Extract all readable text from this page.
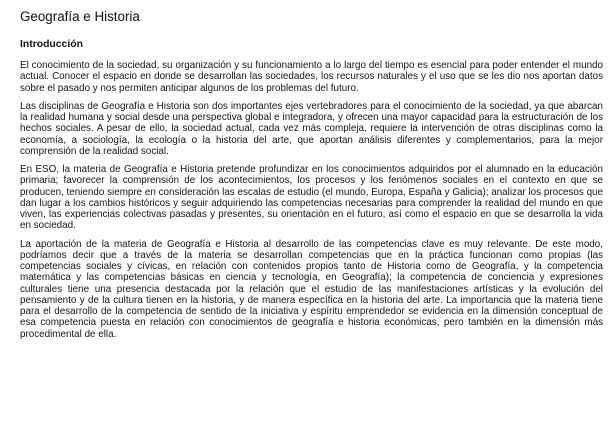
Geografía e Historia
Introducción

El conocimiento de la sociedad, su organización y su funcionamiento a lo largo del tiempo es esencial para poder entender el mundo actual. Conocer el espacio en donde se desarrollan las sociedades, los recursos naturales y el uso que se les dio nos aportan datos sobre el pasado y nos permiten anticipar algunos de los problemas del futuro.

Las disciplinas de Geografía e Historia son dos importantes ejes vertebradores para el conocimiento de la sociedad, ya que abarcan la realidad humana y social desde una perspectiva global e integradora, y ofrecen una mayor capacidad para la estructuración de los hechos sociales. A pesar de ello, la sociedad actual, cada vez más compleja, requiere la intervención de otras disciplinas como la economía, a sociología, la ecología o la historia del arte, que aportan análisis diferentes y complementarios, para la mejor comprensión de la realidad social.

En ESO, la materia de Geografía e Historia pretende profundizar en los conocimientos adquiridos por el alumnado en la educación primaria; favorecer la comprensión de los acontecimientos, los procesos y los fenómenos sociales en el contexto en que se producen, teniendo siempre en consideración las escalas de estudio (el mundo, Europa, España y Galicia); analizar los procesos que dan lugar a los cambios históricos y seguir adquiriendo las competencias necesarias para comprender la realidad del mundo en que viven, las experiencias colectivas pasadas y presentes, su orientación en el futuro, así como el espacio en que se desarrolla la vida en sociedad.

La aportación de la materia de Geografía e Historia al desarrollo de las competencias clave es muy relevante. De este modo, podríamos decir que a través de la materia se desarrollan competencias que en la práctica funcionan como propias (las competencias sociales y cívicas, en relación con contenidos propios tanto de Historia como de Geografía, y la competencia matemática y las competencias básicas en ciencia y tecnología, en Geografía); la competencia de conciencia y expresiones culturales tiene una presencia destacada por la relación que el estudio de las manifestaciones artísticas y la evolución del pensamiento y de la cultura tienen en la historia, y de manera específica en la historia del arte. La importancia que la materia tiene para el desarrollo de la competencia de sentido de la iniciativa y espíritu emprendedor se evidencia en la dimensión conceptual de esa competencia puesta en relación con conocimientos de geografía e historia económicas, pero también en la dimensión más procedimental de ella.
